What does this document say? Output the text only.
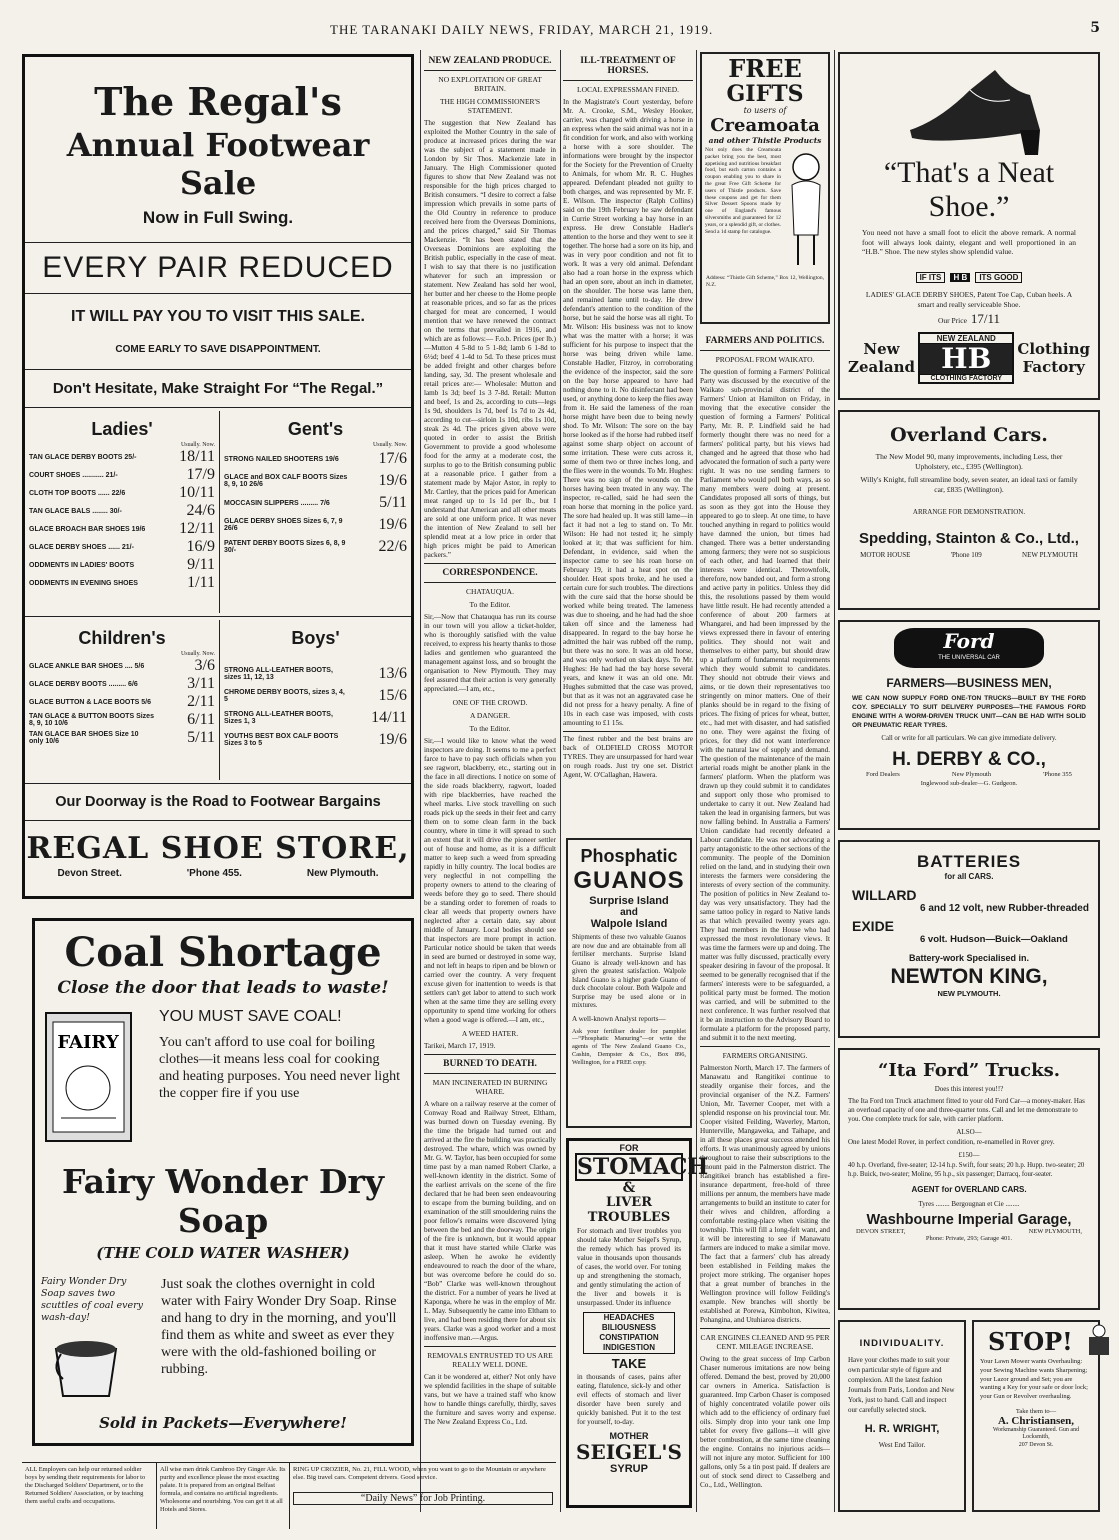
THE TARANAKI DAILY NEWS, FRIDAY, MARCH 21, 1919.	5
The Regal's
Annual Footwear Sale
Now in Full Swing.
EVERY PAIR REDUCED
IT WILL PAY YOU TO VISIT THIS SALE.
COME EARLY TO SAVE DISAPPOINTMENT.
Don't Hesitate, Make Straight For “The Regal.”
Ladies'
Usually. Now.
TAN GLACE DERBY BOOTS 25/-	18/11
COURT SHOES ........... 21/-	17/9
CLOTH TOP BOOTS ...... 22/6	10/11
TAN GLACE BALS ........ 30/-	24/6
GLACE BROACH BAR SHOES 19/6 12/11
GLACE DERBY SHOES ...... 21/-	16/9
ODDMENTS IN LADIES' BOOTS	9/11
ODDMENTS IN EVENING SHOES	1/11
Gent's
Usually. Now.
STRONG NAILED SHOOTERS 19/6 17/6
GLACE and BOX CALF BOOTS Sizes 8, 9, 10 26/6	19/6
MOCCASIN SLIPPERS ......... 7/6	5/11
GLACE DERBY SHOES Sizes 6, 7, 9 26/6	19/6
PATENT DERBY BOOTS Sizes 6, 8, 9 30/-	22/6
Children's
Usually. Now.
GLACE ANKLE BAR SHOES .... 5/6	3/6
GLACE DERBY BOOTS ......... 6/6	3/11
GLACE BUTTON & LACE BOOTS 5/6 2/11
TAN GLACE & BUTTON BOOTS Sizes 8, 9, 10 10/6	6/11
TAN GLACE BAR SHOES Size 10 only 10/6	5/11
Boys'
STRONG ALL-LEATHER BOOTS, sizes 11, 12, 13	13/6
CHROME DERBY BOOTS, sizes 3, 4, 5	15/6
STRONG ALL-LEATHER BOOTS, Sizes 1, 3	14/11
YOUTHS BEST BOX CALF BOOTS Sizes 3 to 5	19/6
Our Doorway is the Road to Footwear Bargains
REGAL SHOE STORE,
Devon Street.	'Phone 455.	New Plymouth.
Coal Shortage
Close the door that leads to waste!
FAIRY
YOU MUST SAVE COAL!
You can't afford to use coal for boiling clothes—it means less coal for cooking and heating purposes. You need never light the copper fire if you use
Fairy Wonder Dry Soap
(THE COLD WATER WASHER)
Fairy Wonder Dry Soap saves two scuttles of coal every wash-day!
Just soak the clothes overnight in cold water with Fairy Wonder Dry Soap. Rinse and hang to dry in the morning, and you'll find them as white and sweet as ever they were with the old-fashioned boiling or rubbing.
Sold in Packets—Everywhere!
NEW ZEALAND PRODUCE.
NO EXPLOITATION OF GREAT BRITAIN.
THE HIGH COMMISSIONER'S STATEMENT.
The suggestion that New Zealand has exploited the Mother Country in the sale of produce at increased prices during the war was the subject of a statement made in London by Sir Thos. Mackenzie late in January. The High Commissioner quoted figures to show that New Zealand was not responsible for the high prices charged to British consumers. “I desire to correct a false impression which prevails in some parts of the Old Country in reference to produce received here from the Overseas Dominions, and the prices charged,” said Sir Thomas Mackenzie. “It has been stated that the Overseas Dominions are exploiting the British public, especially in the case of meat. I wish to say that there is no justification whatever for such an impression or statement. New Zealand has sold her wool, her butter and her cheese to the Home people at reasonable prices, and so far as the prices charged for meat are concerned, I would mention that we have renewed the contract on the terms that prevailed in 1916, and which are as follows:— F.o.b. Prices (per lb.)—Mutton 4 5-8d to 5 1-8d; lamb 6 1-8d to 6½d; beef 4 1-4d to 5d. To these prices must be added freight and other charges before landing, say, 3d. The present wholesale and retail prices are:— Wholesale: Mutton and lamb 1s 3d; beef 1s 3 7-8d. Retail: Mutton and beef, 1s and 2s, according to cuts—legs 1s 9d, shoulders 1s 7d, beef 1s 7d to 2s 4d, according to cut—sirloin 1s 10d, ribs 1s 10d, steak 2s 4d. The prices given above were quoted in order to assist the British Government to provide a good wholesome food for the army at a moderate cost, the surplus to go to the British consuming public at a reasonable price. I gather from a statement made by Major Astor, in reply to Mr. Cartley, that the prices paid for American meat ranged up to 1s 1d per lb., but I understand that American and all other meats are sold at one uniform price. It was never the intention of New Zealand to sell her splendid meat at a low price in order that high prices might be paid to American packers.”
CORRESPONDENCE.
CHATAUQUA.
To the Editor.
Sir,—Now that Chatauqua has run its course in our town will you allow a ticket-holder, who is thoroughly satisfied with the value received, to express his hearty thanks to those ladies and gentlemen who guaranteed the management against loss, and so brought the organisation to New Plymouth. They may feel assured that their action is very generally appreciated.—I am, etc.,
ONE OF THE CROWD.
A DANGER.
To the Editor.
Sir,—I would like to know what the weed inspectors are doing. It seems to me a perfect farce to have to pay such officials when you see ragwort, blackberry, etc., starting out in the face in all directions. I notice on some of the side roads blackberry, ragwort, loaded with ripe blackberries, have reached the wheel marks. Live stock travelling on such roads pick up the seeds in their feet and carry them on to some clean farm in the back country, where in time it will spread to such an extent that it will drive the pioneer settler out of house and home, as it is a difficult matter to keep such a weed from spreading rapidly in hilly country. The local bodies are very neglectful in not compelling the property owners to attend to the clearing of weeds before they go to seed. There should be a standing order to foremen of roads to clear all weeds that property owners have neglected after a certain date, say about middle of January. Local bodies should see that inspectors are more prompt in action. Particular notice should be taken that weeds in seed are burned or destroyed in some way, and not left in heaps to ripen and be blown or carried over the country. A very frequent excuse given for inattention to weeds is that settlers can't get labor to attend to such work when at the same time they are selling every opportunity to spend time working for others when a good wage is offered.—I am, etc.,
A WEED HATER.
Tarikei, March 17, 1919.
BURNED TO DEATH.
MAN INCINERATED IN BURNING WHARE.
A whare on a railway reserve at the corner of Conway Road and Railway Street, Eltham, was burned down on Tuesday evening. By the time the brigade had turned out and arrived at the fire the building was practically destroyed. The whare, which was owned by Mr. G. W. Taylor, has been occupied for some time past by a man named Robert Clarke, a well-known identity in the district. Some of the earliest arrivals on the scene of the fire declared that he had been seen endeavouring to escape from the burning building, and on examination of the still smouldering ruins the poor fellow's remains were discovered lying between the bed and the doorway. The origin of the fire is unknown, but it would appear that it must have started while Clarke was asleep. When he awoke he evidently endeavoured to reach the door of the whare, but was overcome before he could do so. “Bob” Clarke was well-known throughout the district. For a number of years he lived at Kaponga, where he was in the employ of Mr. L. May. Subsequently he came into Eltham to live, and had been residing there for about six years. Clarke was a good worker and a most inoffensive man.—Argus.
REMOVALS ENTRUSTED TO US ARE REALLY WELL DONE.
Can it be wondered at, either? Not only have we splendid facilities in the shape of suitable vans, but we have a trained staff who know how to handle things carefully, thirdly, saves the furniture and saves worry and expense. The New Zealand Express Co., Ltd.
ILL-TREATMENT OF HORSES.
LOCAL EXPRESSMAN FINED.
In the Magistrate's Court yesterday, before Mr. A. Crooke, S.M., Wesley Hooker, carrier, was charged with driving a horse in an express when the said animal was not in a fit condition for work, and also with working a horse with a sore shoulder. The informations were brought by the inspector for the Society for the Prevention of Cruelty to Animals, for whom Mr. R. C. Hughes appeared. Defendant pleaded not guilty to both charges, and was represented by Mr. F. E. Wilson. The inspector (Ralph Collins) said on the 19th February he saw defendant in Currie Street working a bay horse in an express. He drew Constable Hadler's attention to the horse and they went to see it together. The horse had a sore on its hip, and was in very poor condition and not fit to work. It was a very old animal. Defendant also had a roan horse in the express which had an open sore, about an inch in diameter, on the shoulder. The horse was lame then, and remained lame until to-day. He drew defendant's attention to the condition of the horse, but he said the horse was all right. To Mr. Wilson: His business was not to know what was the matter with a horse; it was sufficient for his purpose to inspect that the horse was being driven while lame. Constable Hadler, Fitzroy, in corroborating the evidence of the inspector, said the sore on the bay horse appeared to have had nothing done to it. No disinfectant had been used, or anything done to keep the flies away from it. He said the lameness of the roan horse might have been due to being newly shod. To Mr. Wilson: The sore on the bay horse looked as if the horse had rubbed itself against some sharp object on account of some irritation. These were cuts across it, some of them two or three inches long, and the flies were in the wounds. To Mr. Hughes: There was no sign of the wounds on the horses having been treated in any way. The inspector, re-called, said he had seen the roan horse that morning in the police yard. The sore had healed up. It was still lame—in fact it had not a leg to stand on. To Mr. Wilson: He had not tested it; he simply looked at it; that was sufficient for him. Defendant, in evidence, said when the inspector came to see his roan horse on February 19, it had a heat spot on the shoulder. Heat spots broke, and he used a certain cure for such troubles. The directions with the cure said that the horse should be worked while being treated. The lameness was due to shoeing, and he had had the shoe taken off since and the lameness had disappeared. In regard to the bay horse he admitted the hair was rubbed off the rump, but there was no sore. It was an old horse, and was only worked on slack days. To Mr. Hughes: He had had the bay horse several years, and knew it was an old one. Mr. Hughes submitted that the case was proved, but that as it was not an aggravated case he did not press for a heavy penalty. A fine of 10s in each case was imposed, with costs amounting to £1 15s.
The finest rubber and the best brains are back of OLDFIELD CROSS MOTOR TYRES. They are unsurpassed for hard wear on rough roads. Just try one set. District Agent, W. O'Callaghan, Hawera.
Phosphatic
GUANOS
Surprise Island
and
Walpole Island
Shipments of these two valuable Guanos are now due and are obtainable from all fertiliser merchants. Surprise Island Guano is already well-known and has given the greatest satisfaction. Walpole Island Guano is a higher grade Guano of duck chocolate colour. Both Walpole and Surprise may be used alone or in mixtures.
A well-known Analyst reports—
Ask your fertiliser dealer for pamphlet—“Phosphatic Manuring”—or write the agents of The New Zealand Guano Co., Cashin, Dempster & Co., Box 896, Wellington, for a FREE copy.
FOR
STOMACH
&
LIVER TROUBLES
For stomach and liver troubles you should take Mother Seigel's Syrup, the remedy which has proved its value in thousands upon thousands of cases, the world over. For toning up and strengthening the stomach, and gently stimulating the action of the liver and bowels it is unsurpassed. Under its influence
HEADACHES
BILIOUSNESS
CONSTIPATION
INDIGESTION
TAKE
in thousands of cases, pains after eating, flatulence, sick-ly and other evil effects of stomach and liver disorder have been surely and quickly banished. Put it to the test for yourself, to-day.
MOTHER
SEIGEL'S
SYRUP
FREE
GIFTS
to users of
Creamoata
and other Thistle Products
Not only does the Creamoata packet bring you the best, most appetising and nutritious breakfast food, but each carton contains a coupon enabling you to share in the great Free Gift Scheme for users of Thistle products. Save these coupons and get for them Silver Dessert Spoons made by one of England's famous silversmiths and guaranteed for 12 years, or a splendid gift, or clothes. Send a 1d stamp for catalogue.
Address: “Thistle Gift Scheme,” Box 12, Wellington, N.Z.
FARMERS AND POLITICS.
PROPOSAL FROM WAIKATO.
The question of forming a Farmers' Political Party was discussed by the executive of the Waikato sub-provincial district of the Farmers' Union at Hamilton on Friday, in moving that the executive consider the question of forming a Farmers' Political Party, Mr. R. P. Lindfield said he had formerly thought there was no need for a farmers' political party, but his views had changed and he agreed that those who had advocated the formation of such a party were right. It was no use sending farmers to Parliament who would poll both ways, as so many members were doing at present. Candidates proposed all sorts of things, but as soon as they got into the House they appeared to go to sleep. At one time, to have touched anything in regard to politics would have damned the union, but times had changed. There was a better understanding among farmers; they were not so suspicious of each other, and had learned that their interests were identical. Thetownfolk, therefore, now banded out, and form a strong and active party in politics. Unless they did this, the resolutions passed by them would have little result. He had recently attended a conference of about 200 farmers at Whangarei, and had been impressed by the views expressed there in favour of entering politics. They should not wait and themselves to either party, but should draw up a platform of fundamental requirements which they would submit to candidates. They should not obtrude their views and aims, or tie down their representatives too stringently on minor matters. One of their planks should be in regard to the fixing of prices. The fixing of prices for wheat, butter, etc., had met with disaster, and had satisfied no one. They were against the fixing of prices, for they did not want interference with the natural law of supply and demand. The question of the maintenance of the main arterial roads might be another plank in the farmers' platform. When the platform was drawn up they could submit it to candidates and support only those who promised to undertake to carry it out. New Zealand had taken the lead in organising farmers, but was now falling behind. In Australia a Farmers' Union candidate had recently defeated a Labour candidate. He was not advocating a party antagonistic to the other sections of the community. The people of the Dominion relied on the land, and in studying their own interests the farmers were considering the interests of every section of the community. The position of politics in New Zealand to-day was very unsatisfactory. They had the same tattoo policy in regard to Native lands as that which prevailed twenty years ago. They had members in the House who had expressed the most revolutionary views. It was time the farmers were up and doing. The matter was fully discussed, practically every speaker desiring in favour of the proposal. It seemed to be generally recognised that if the farmers' interests were to be safeguarded, a political party must be formed. The motion was carried, and will be submitted to the next conference. It was further resolved that it be an instruction to the Advisory Board to formulate a platform for the proposed party, and submit it to the next meeting.
FARMERS ORGANISING.
Palmerston North, March 17. The farmers of Manawatu and Rangitikei continue to steadily organise their forces, and the provincial organiser of the N.Z. Farmers' Union, Mr. Taverner Cooper, met with a splendid response on his provincial tour. Mr. Cooper visited Feilding, Waverley, Marton, Hunterville, Mangaweka, and Taihape, and in all these places great success attended his efforts. It was unanimously agreed by unions throughout to raise their subscriptions to the amount paid in the Palmerston district. The Rangitikei branch has established a fire-insurance department, free-hold of three millions per annum, the members have made arrangements to build an institute to cater for their wives and children, affording a comfortable resting-place when visiting the township. This will fill a long-felt want, and it will be interesting to see if Manawatu farmers are induced to make a similar move. The fact that a farmers' club has already been established in Feilding makes the project more striking. The organiser hopes that a great number of branches in the Wellington province will follow Feilding's example. New branches will shortly be established at Porewa, Kimbolton, Kiwitea, Pohangina, and Utuhiaroa districts.
CAR ENGINES CLEANED AND 95 PER CENT. MILEAGE INCREASE.
Owing to the great success of Imp Carbon Chaser numerous imitations are now being offered. Demand the best, proved by 20,000 car owners in America. Satisfaction is guaranteed. Imp Carbon Chaser is composed of highly concentrated volatile power oils which add to the efficiency of ordinary fuel oils. Simply drop into your tank one Imp tablet for every five gallons—it will give better combustion, at the same time cleaning the engine. Contains no injurious acids—will not injure any motor. Sufficient for 100 gallons, only 5s a tin post paid. If dealers are out of stock send direct to Casselberg and Co., Ltd., Wellington.
“That's a Neat Shoe.”
You need not have a small foot to elicit the above remark. A normal foot will always look dainty, elegant and well proportioned in an “H.B.” Shoe. The new styles show splendid value.
IF ITS H B ITS GOOD
LADIES' GLACE DERBY SHOES, Patent Toe Cap, Cuban heels. A smart and really serviceable Shoe.
Our Price 17/11
New
Zealand
NEW ZEALAND
HB
CLOTHING FACTORY
Clothing
Factory
Overland Cars.
The New Model 90, many improvements, including Less, ther Upholstery, etc., £395 (Wellington).
Willy's Knight, full streamline body, seven seater, an ideal taxi or family car, £835 (Wellington).
ARRANGE FOR DEMONSTRATION.
Spedding, Stainton & Co., Ltd.,
MOTOR HOUSE	'Phone 109	NEW PLYMOUTH
Ford
THE UNIVERSAL CAR
FARMERS—BUSINESS MEN,
WE CAN NOW SUPPLY FORD ONE-TON TRUCKS—BUILT BY THE FORD COY. SPECIALLY TO SUIT DELIVERY PURPOSES—THE FAMOUS FORD ENGINE WITH A WORM-DRIVEN TRUCK UNIT—CAN BE HAD WITH SOLID OR PNEUMATIC REAR TYRES.
Call or write for all particulars. We can give immediate delivery.
H. DERBY & CO.,
Ford Dealers	New Plymouth	'Phone 355
Inglewood sub-dealer—G. Gudgeon.
BATTERIES
for all CARS.
WILLARD
6 and 12 volt, new Rubber-threaded
EXIDE
6 volt. Hudson—Buick—Oakland
Battery-work Specialised in.
NEWTON KING,
NEW PLYMOUTH.
“Ita Ford” Trucks.
Does this interest you!!?
The Ita Ford ton Truck attachment fitted to your old Ford Car—a money-maker. Has an overload capacity of one and three-quarter tons. Call and let me demonstrate to you. One complete truck for sale, with carrier platform.
ALSO—
One latest Model Rover, in perfect condition, re-enamelled in Rover grey.
£150—
40 h.p. Overland, five-seater; 12-14 h.p. Swift, four seats; 20 h.p. Hupp. two-seater; 20 h.p. Buick, two-seater; Moline, 95 h.p., six passenger; Darracq, four-seater.
AGENT for OVERLAND CARS.
Tyres ........ Bergougnan et Cie ........
Washbourne Imperial Garage,
DEVON STREET,	NEW PLYMOUTH,
Phone: Private, 293; Garage 401.
INDIVIDUALITY.
Have your clothes made to suit your own particular style of figure and complexion. All the latest fashion Journals from Paris, London and New York, just to hand. Call and inspect our carefully selected stock.
H. R. WRIGHT,
West End Tailor.
STOP!
Your Lawn Mower wants Overhauling: your Sewing Machine wants Sharpening; your Lazor ground and Set; you are wanting a Key for your safe or door lock; your Gun or Revolver overhauling.
Take them to—
A. Christiansen,
Workmanship Guaranteed. Gun and Locksmith,
207 Devon St.
ALL Employers can help our returned soldier boys by sending their requirements for labor to the Discharged Soldiers' Department, or to the Returned Soldiers' Association, or by teaching them useful crafts and occupations.
All wise men drink Cambroo Dry Ginger Ale. Its purity and excellence please the most exacting palate. It is prepared from an original Belfast formula, and contains no artificial ingredients. Wholesome and nourishing. You can get it at all Hotels and Stores.
RING UP CROZIER, No. 21, FILL WOOD, when you want to go to the Mountain or anywhere else. Big travel cars. Competent drivers. Good service.
“Daily News” for Job Printing.
